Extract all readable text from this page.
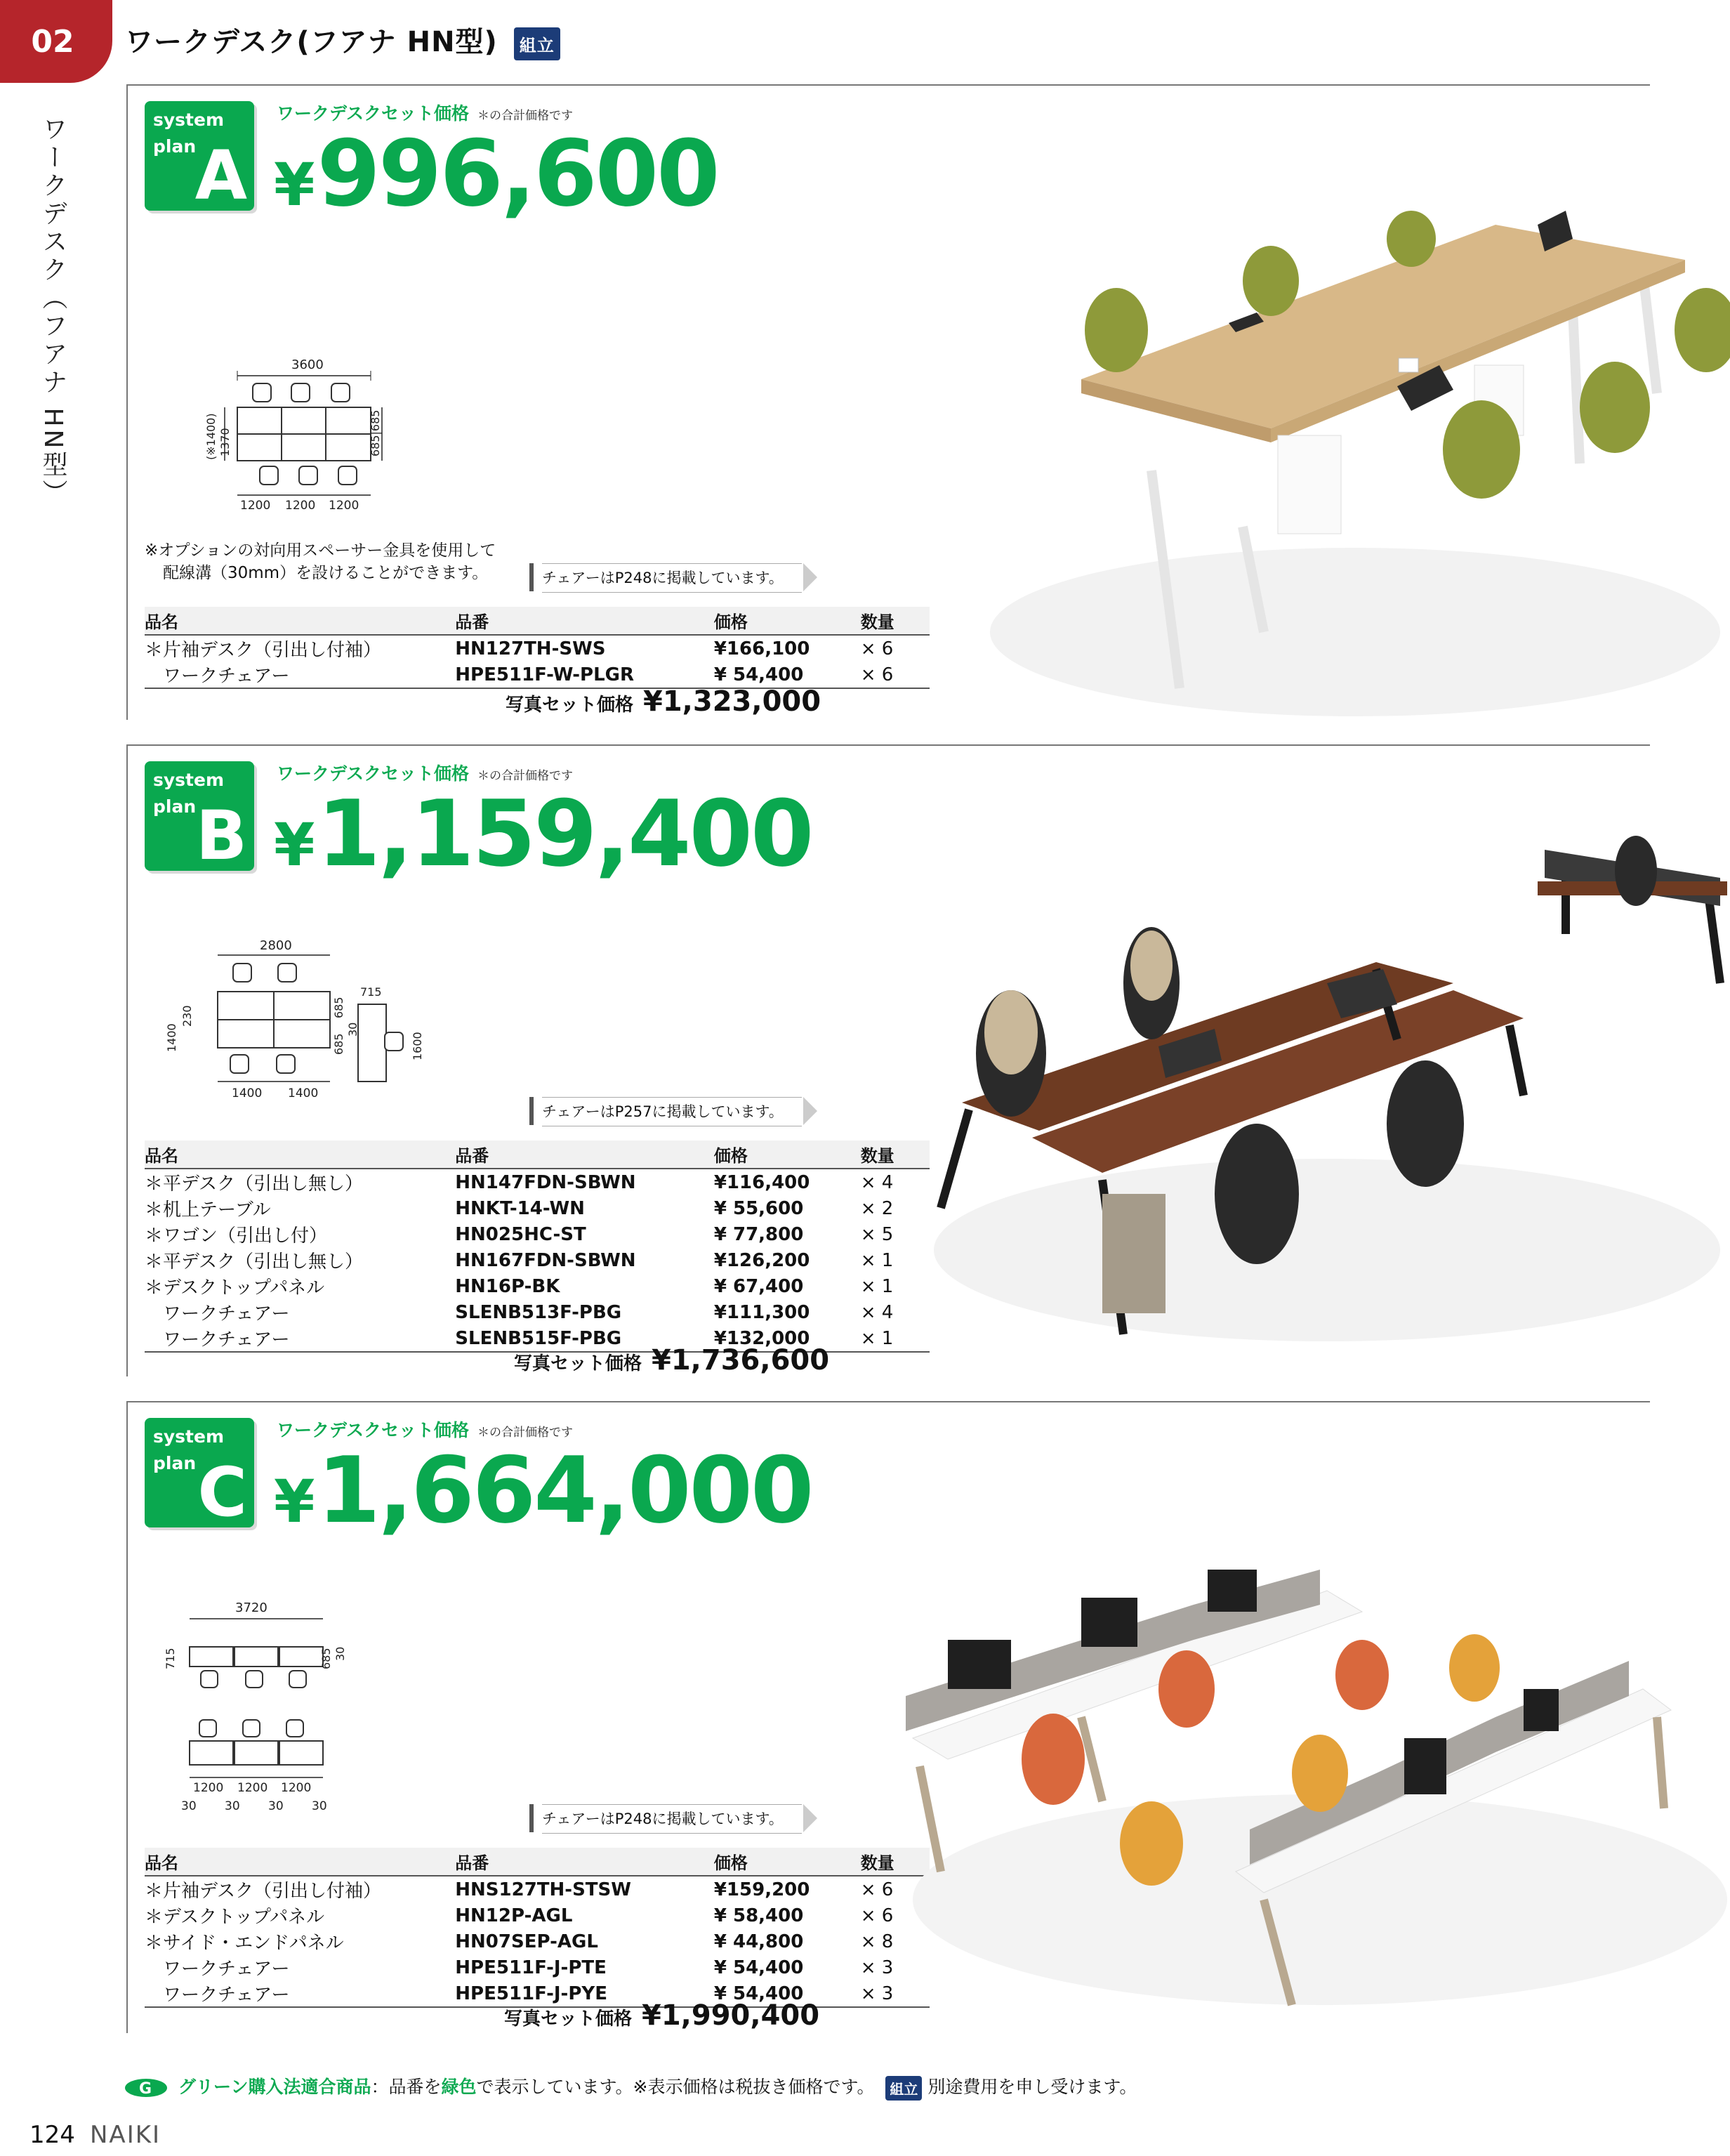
02 ワークデスク(フアナ HN型) 組立
ワークデスク（フアナ HN型）	system
plan
A
ワークデスクセット価格 ＊の合計価格です
¥996,600
3600
(※1400) 1370	685|685
1200 1200 1200
※オプションの対向用スペーサー金具を使用して
配線溝（30mm）を設けることができます。	チェアーはP248に掲載しています。
品名	品番	価格	数量
＊片袖デスク（引出し付袖）	HN127TH-SWS	¥166,100	× 6
　ワークチェアー	HPE511F-W-PLGR	¥ 54,400	× 6
写真セット価格 ¥1,323,000
system
plan B
ワークデスクセット価格 ＊の合計価格です
¥1,159,400
2800
1400
230	685
685
30
1400 1400
715
1600
チェアーはP257に掲載しています。
品名	品番	価格	数量
＊平デスク（引出し無し）	HN147FDN-SBWN	¥116,400	× 4
＊机上テーブル	HNKT-14-WN	¥ 55,600	× 2
＊ワゴン（引出し付）	HN025HC-ST	¥ 77,800	× 5
＊平デスク（引出し無し）	HN167FDN-SBWN	¥126,200	× 1
＊デスクトップパネル	HN16P-BK	¥ 67,400	× 1
　ワークチェアー	SLENB513F-PBG	¥111,300	× 4
　ワークチェアー	SLENB515F-PBG	¥132,000	× 1
写真セット価格 ¥1,736,600
system
plan C
ワークデスクセット価格 ＊の合計価格です
¥1,664,000
3720
715	685 30
1200 1200 1200
30 30 30 30
チェアーはP248に掲載しています。
品名	品番	価格	数量
＊片袖デスク（引出し付袖）	HNS127TH-STSW	¥159,200	× 6
＊デスクトップパネル	HN12P-AGL	¥ 58,400	× 6
＊サイド・エンドパネル	HN07SEP-AGL	¥ 44,800	× 8
　ワークチェアー	HPE511F-J-PTE	¥ 54,400	× 3
　ワークチェアー	HPE511F-J-PYE	¥ 54,400	× 3
写真セット価格 ¥1,990,400
G グリーン購入法適合商品：品番を緑色で表示しています。※表示価格は税抜き価格です。 組立 別途費用を申し受けます。
124 NAIKI
